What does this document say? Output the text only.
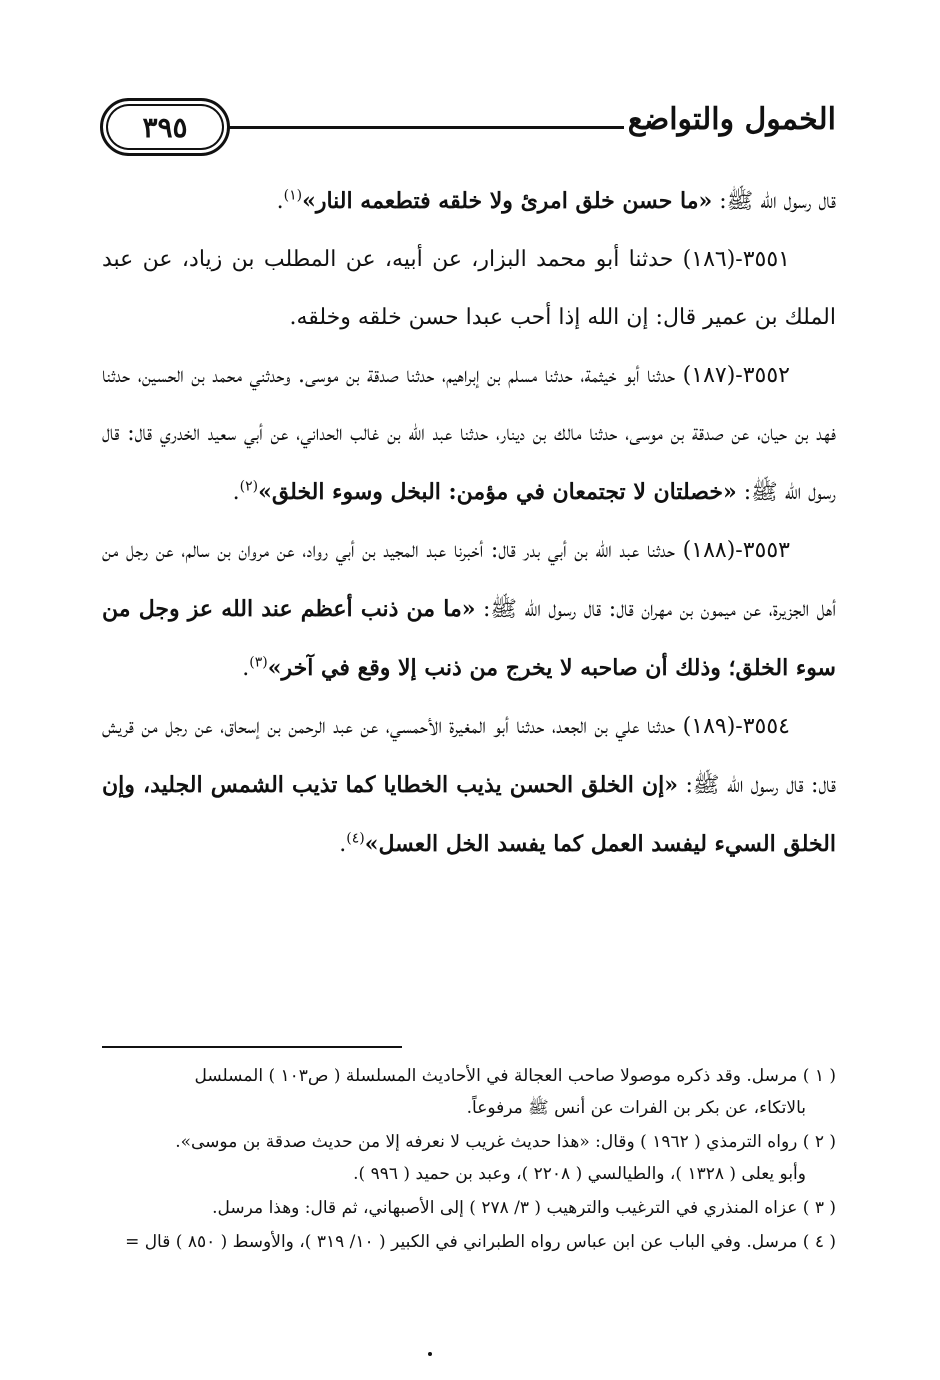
الخمول والتواضع
٣٩٥

قال رسول الله ﷺ: «ما حسن خلق امرئ ولا خلقه فتطعمه النار»$^{(١)}$.

٣٥٥١-(١٨٦) حدثنا أبو محمد البزار، عن أبيه، عن المطلب بن زياد، عن عبد الملك بن عمير قال: إن الله إذا أحب عبدا حسن خلقه وخلقه.

٣٥٥٢-(١٨٧) حدثنا أبو خيثمة، حدثنا مسلم بن إبراهيم، حدثنا صدقة بن موسى. وحدثني محمد بن الحسين، حدثنا فهد بن حيان، عن صدقة بن موسى، حدثنا مالك بن دينار، حدثنا عبد الله بن غالب الحداني، عن أبي سعيد الخدري قال: قال رسول الله ﷺ: «خصلتان لا تجتمعان في مؤمن: البخل وسوء الخلق»$^{(٢)}$.

٣٥٥٣-(١٨٨) حدثنا عبد الله بن أبي بدر قال: أخبرنا عبد المجيد بن أبي رواد، عن مروان بن سالم، عن رجل من أهل الجزيرة، عن ميمون بن مهران قال: قال رسول الله ﷺ: «ما من ذنب أعظم عند الله عز وجل من سوء الخلق؛ وذلك أن صاحبه لا يخرج من ذنب إلا وقع في آخر»$^{(٣)}$.

٣٥٥٤-(١٨٩) حدثنا علي بن الجعد، حدثنا أبو المغيرة الأحمسي، عن عبد الرحمن بن إسحاق، عن رجل من قريش قال: قال رسول الله ﷺ: «إن الخلق الحسن يذيب الخطايا كما تذيب الشمس الجليد، وإن الخلق السيء ليفسد العمل كما يفسد الخل العسل»$^{(٤)}$.

( ١ ) مرسل. وقد ذكره موصولا صاحب العجالة في الأحاديث المسلسلة ( ص١٠٣ ) المسلسل
بالاتكاء، عن بكر بن الفرات عن أنس ﷺ مرفوعاً.

( ٢ ) رواه الترمذي ( ١٩٦٢ ) وقال: «هذا حديث غريب لا نعرفه إلا من حديث صدقة بن موسى».
وأبو يعلى ( ١٣٢٨ )، والطيالسي ( ٢٢٠٨ )، وعبد بن حميد ( ٩٩٦ ).

( ٣ ) عزاه المنذري في الترغيب والترهيب ( ٣/ ٢٧٨ ) إلى الأصبهاني، ثم قال: وهذا مرسل.

( ٤ ) مرسل. وفي الباب عن ابن عباس رواه الطبراني في الكبير ( ١٠/ ٣١٩ )، والأوسط ( ٨٥٠ ) قال =
